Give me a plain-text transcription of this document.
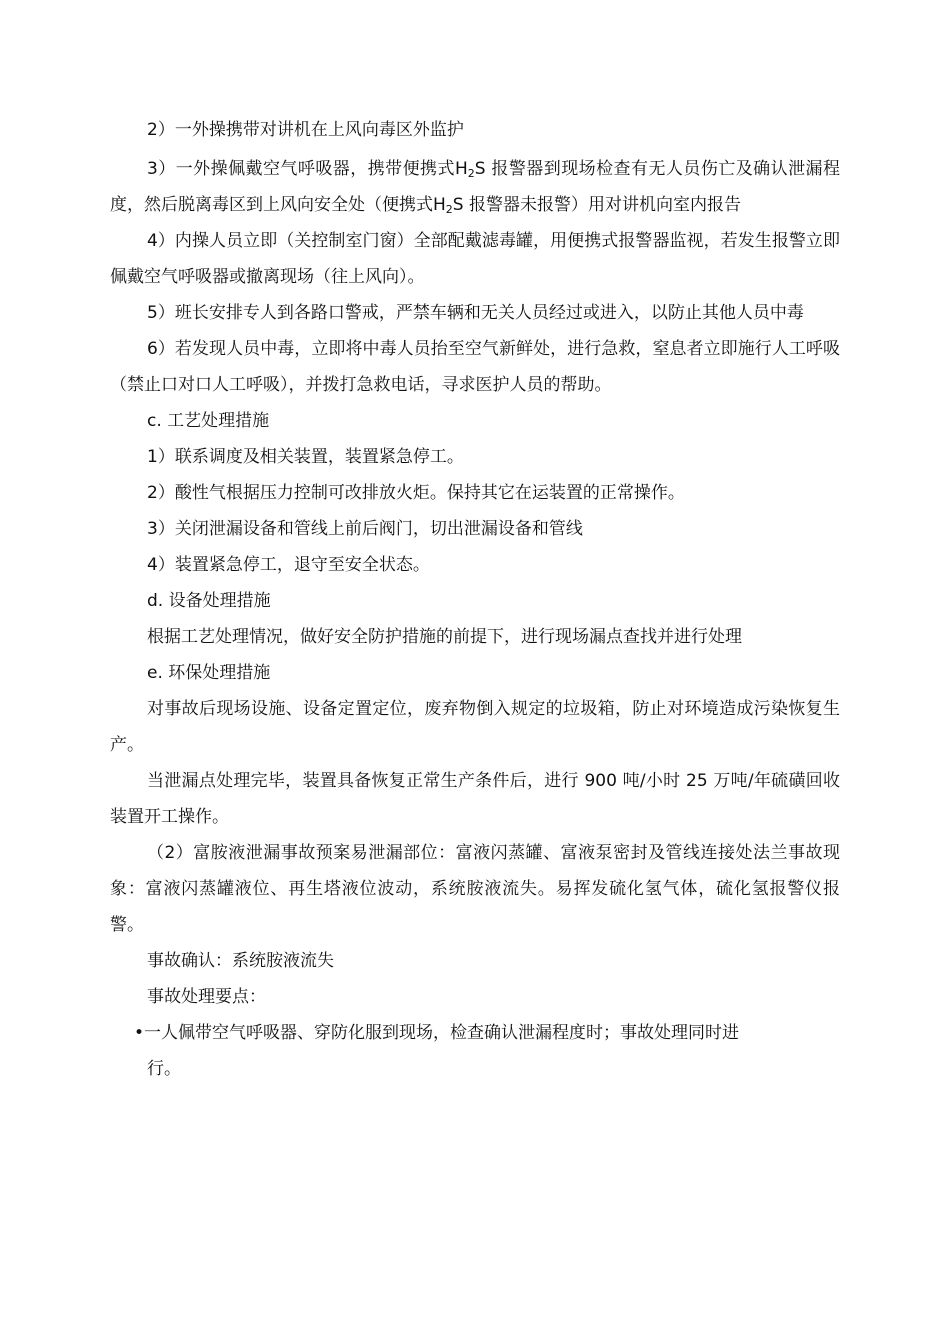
2）一外操携带对讲机在上风向毒区外监护

3）一外操佩戴空气呼吸器，携带便携式$H_2S$ 报警器到现场检查有无人员伤亡及确认泄漏程度，然后脱离毒区到上风向安全处（便携式$H_2S$ 报警器未报警）用对讲机向室内报告

4）内操人员立即（关控制室门窗）全部配戴滤毒罐，用便携式报警器监视，若发生报警立即佩戴空气呼吸器或撤离现场（往上风向）。

5）班长安排专人到各路口警戒，严禁车辆和无关人员经过或进入，以防止其他人员中毒

6）若发现人员中毒，立即将中毒人员抬至空气新鲜处，进行急救，窒息者立即施行人工呼吸（禁止口对口人工呼吸），并拨打急救电话，寻求医护人员的帮助。

c. 工艺处理措施

1）联系调度及相关装置，装置紧急停工。

2）酸性气根据压力控制可改排放火炬。保持其它在运装置的正常操作。

3）关闭泄漏设备和管线上前后阀门，切出泄漏设备和管线

4）装置紧急停工，退守至安全状态。

d. 设备处理措施

根据工艺处理情况，做好安全防护措施的前提下，进行现场漏点查找并进行处理

e. 环保处理措施

对事故后现场设施、设备定置定位，废弃物倒入规定的垃圾箱，防止对环境造成污染恢复生产。

当泄漏点处理完毕，装置具备恢复正常生产条件后，进行 900 吨/小时 25 万吨/年硫磺回收装置开工操作。

（2）富胺液泄漏事故预案易泄漏部位：富液闪蒸罐、富液泵密封及管线连接处法兰事故现象：富液闪蒸罐液位、再生塔液位波动，系统胺液流失。易挥发硫化氢气体，硫化氢报警仪报警。

事故确认：系统胺液流失

事故处理要点：

•一人佩带空气呼吸器、穿防化服到现场，检查确认泄漏程度时；事故处理同时进

行。
